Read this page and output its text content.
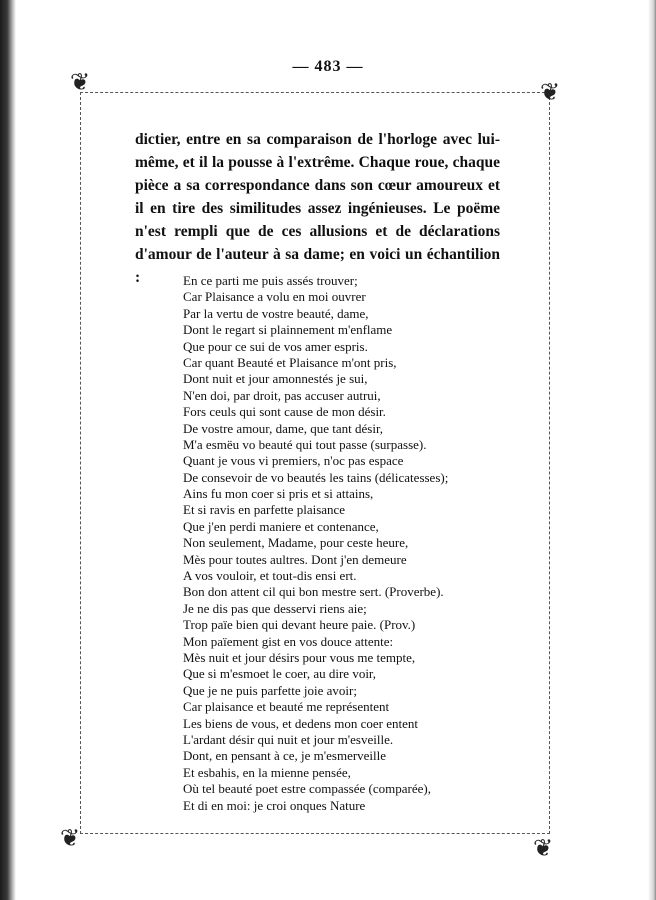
— 483 —
❦	❦
❦	❦

dictier, entre en sa comparaison de l'horloge avec lui-même, et il la pousse à l'extrême. Chaque roue, chaque pièce a sa correspondance dans son cœur amoureux et il en tire des similitudes assez ingénieuses. Le poëme n'est rempli que de ces allusions et de déclarations d'amour de l'auteur à sa dame; en voici un échantilion :	En ce parti me puis assés trouver;
Car Plaisance a volu en moi ouvrer
Par la vertu de vostre beauté, dame,
Dont le regart si plainnement m'enflame
Que pour ce sui de vos amer espris.
Car quant Beauté et Plaisance m'ont pris,
Dont nuit et jour amonnestés je sui,
N'en doi, par droit, pas accuser autrui,
Fors ceuls qui sont cause de mon désir.
De vostre amour, dame, que tant désir,
M'a esmëu vo beauté qui tout passe (surpasse).
Quant je vous vi premiers, n'oc pas espace
De consevoir de vo beautés les tains (délicatesses);
Ains fu mon coer si pris et si attains,
Et si ravis en parfette plaisance
Que j'en perdi maniere et contenance,
Non seulement, Madame, pour ceste heure,
Mès pour toutes aultres. Dont j'en demeure
A vos vouloir, et tout-dis ensi ert.
Bon don attent cil qui bon mestre sert. (Proverbe).
Je ne dis pas que desservi riens aie;
Trop païe bien qui devant heure paie. (Prov.)
Mon païement gist en vos douce attente:
Mès nuit et jour désirs pour vous me tempte,
Que si m'esmoet le coer, au dire voir,
Que je ne puis parfette joie avoir;
Car plaisance et beauté me représentent
Les biens de vous, et dedens mon coer entent
L'ardant désir qui nuit et jour m'esveille.
Dont, en pensant à ce, je m'esmerveille
Et esbahis, en la mienne pensée,
Où tel beauté poet estre compassée (comparée),
Et di en moi: je croi onques Nature
